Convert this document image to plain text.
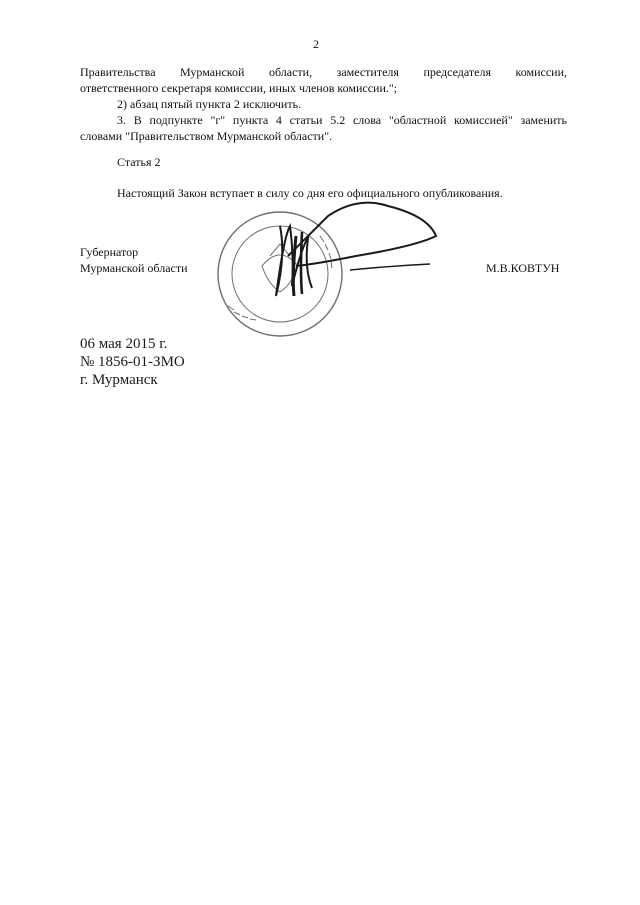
2
Правительства Мурманской области, заместителя председателя комиссии,
ответственного секретаря комиссии, иных членов комиссии.";
2) абзац пятый пункта 2 исключить.
3. В подпункте "г" пункта 4 статьи 5.2 слова "областной комиссией" заменить
словами "Правительством Мурманской области".
Статья 2
Настоящий Закон вступает в силу со дня его официального опубликования.
Губернатор
Мурманской области	М.В.КОВТУН
06 мая 2015 г.
№ 1856-01-ЗМО
г. Мурманск
